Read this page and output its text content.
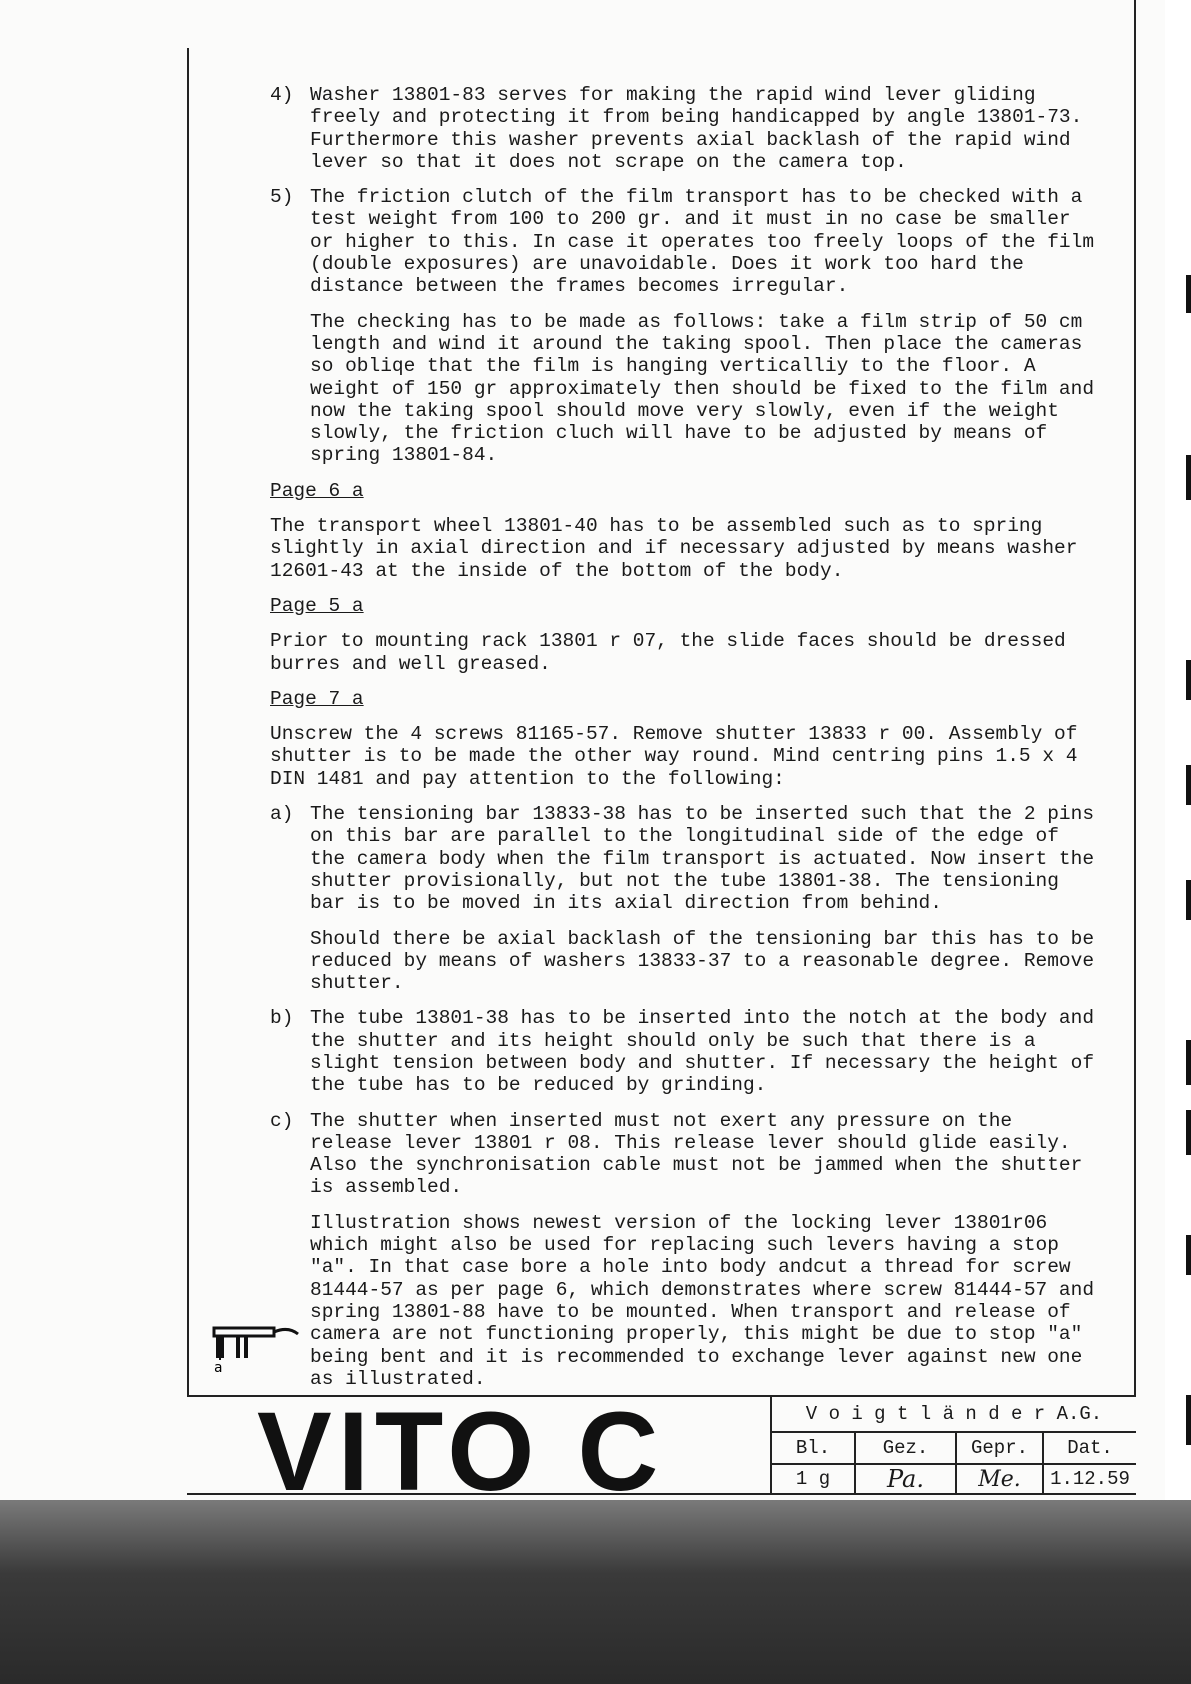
4) Washer 13801-83 serves for making the rapid wind lever gliding freely and protecting it from being handicapped by angle 13801-73. Furthermore this washer prevents axial backlash of the rapid wind lever so that it does not scrape on the camera top.
5) The friction clutch of the film transport has to be checked with a test weight from 100 to 200 gr. and it must in no case be smaller or higher to this. In case it operates too freely loops of the film (double exposures) are unavoidable. Does it work too hard the distance between the frames becomes irregular.
The checking has to be made as follows: take a film strip of 50 cm length and wind it around the taking spool. Then place the cameras so obliqe that the film is hanging verticalliy to the floor. A weight of 150 gr approximately then should be fixed to the film and now the taking spool should move very slowly, even if the weight slowly, the friction cluch will have to be adjusted by means of spring 13801-84.
Page 6 a
The transport wheel 13801-40 has to be assembled such as to spring slightly in axial direction and if necessary adjusted by means washer 12601-43 at the inside of the bottom of the body.
Page 5 a
Prior to mounting rack 13801 r 07, the slide faces should be dressed burres and well greased.
Page 7 a
Unscrew the 4 screws 81165-57. Remove shutter 13833 r 00. Assembly of shutter is to be made the other way round. Mind centring pins 1.5 x 4 DIN 1481 and pay attention to the following:
a) The tensioning bar 13833-38 has to be inserted such that the 2 pins on this bar are parallel to the longitudinal side of the edge of the camera body when the film transport is actuated. Now insert the shutter provisionally, but not the tube 13801-38. The tensioning bar is to be moved in its axial direction from behind.
Should there be axial backlash of the tensioning bar this has to be reduced by means of washers 13833-37 to a reasonable degree. Remove shutter.
b) The tube 13801-38 has to be inserted into the notch at the body and the shutter and its height should only be such that there is a slight tension between body and shutter. If necessary the height of the tube has to be reduced by grinding.
c) The shutter when inserted must not exert any pressure on the release lever 13801 r 08. This release lever should glide easily. Also the synchronisation cable must not be jammed when the shutter is assembled.
Illustration shows newest version of the locking lever 13801r06 which might also be used for replacing such levers having a stop "a". In that case bore a hole into body andcut a thread for screw 81444-57 as per page 6, which demonstrates where screw 81444-57 and spring 13801-88 have to be mounted. When transport and release of camera are not functioning properly, this might be due to stop "a" being bent and it is recommended to exchange lever against new one as illustrated.
a
VITO C	V o i g t l ä n d e r A.G.
Bl.	Gez.	Gepr.	Dat.
1 g	Pa.	Me.	1.12.59
